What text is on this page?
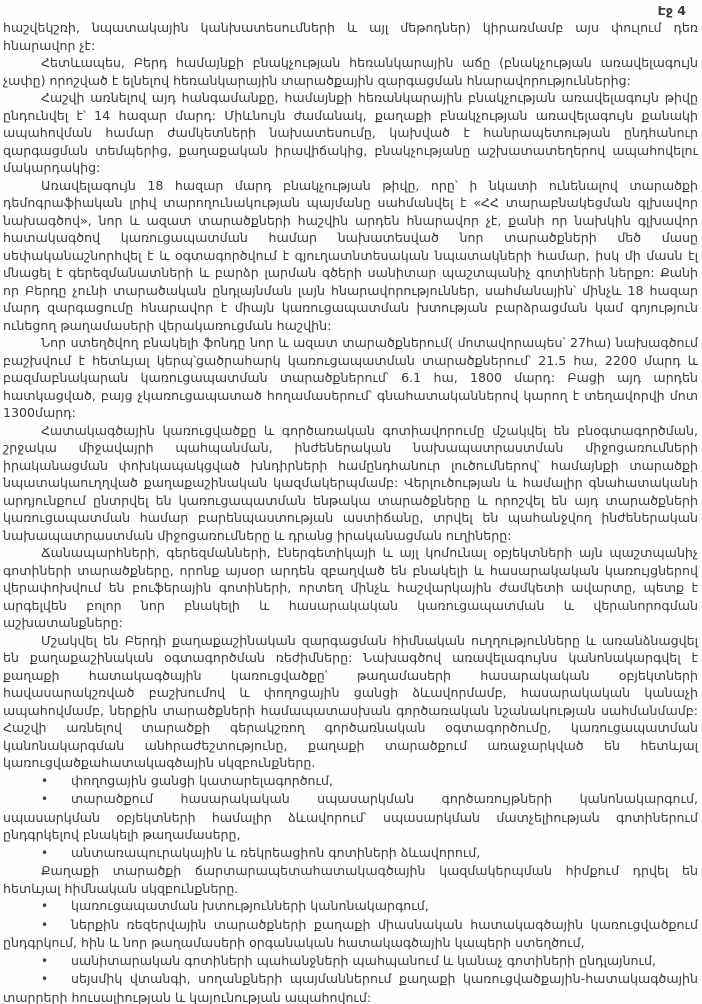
Էջ 4
հաշվեկշռի, նպատակային կանխատեսումների և այլ մեթոդներ) կիրառմամբ այս փուլում դեռ հնարավոր չէ:
Հետևապես, Բերդ համայնքի բնակչության հեռանկարային աճը (բնակչության առավելագույն չափը) որոշված է ելնելով հեռանկարային տարածքային զարգացման հնարավորություններից:
Հաշվի առնելով այդ հանգամանքը, համայնքի հեռանկարային բնակչության առավելագույն թիվը ընդունվել է՝ 14 հազար մարդ: Միևնույն ժամանակ, քաղաքի բնակչության առավելագույն քանակի ապահովման համար ժամկետների նախատեսումը, կախված է հանրապետության ընդհանուր զարգացման տեմպերից, քաղաքական իրավիճակից, բնակչությանը աշխատատեղերով ապահովելու մակարդակից:
Առավելագույն 18 հազար մարդ բնակչության թիվը, որը՝ ի նկատի ունենալով տարածքի դեմոգրաֆիական լրիվ տարողունակության պայմանը սահմանվել է «ՀՀ տարաբնակեցման գլխավոր նախագծով», նոր և ազատ տարածքների հաշվին արդեն հնարավոր չէ, քանի որ նախկին գլխավոր հատակագծով կառուցապատման համար նախատեսված նոր տարածքների մեծ մասը սեփականաշնորհվել է և օգտագործվում է գյուղատնտեսական նպատակների համար, իսկ մի մասն էլ մնացել է գերեզմանատների և բարձր լարման գծերի սանիտար պաշտպանիչ գոտիների ներքո: Քանի որ Բերդը չունի տարածական ընդլայնման լայն հնարավորություններ, սահմանային՝ մինչև 18 հազար մարդ զարգացումը հնարավոր է միայն կառուցապատման խտության բարձրացման կամ գոյություն ունեցող թաղամասերի վերակառուցման հաշվին:
Նոր ստեղծվող բնակելի ֆոնդը նոր և ազատ տարածքներում( մոտավորապես՝ 27հա) նախագծում բաշխվում է հետևյալ կերպ՝ցածրահարկ կառուցապատման տարածքներում՝ 21.5 հա, 2200 մարդ և բազմաբնակարան կառուցապատման տարածքներում՝ 6.1 հա, 1800 մարդ: Բացի այդ արդեն հատկացված, բայց չկառուցապատած հողամասերում՝ գնահատականներով կարող է տեղավորվի մոտ 1300մարդ:
Հատակագծային կառուցվածքը և գործառական գոտիավորումը մշակվել են բնօգտագործման, շրջակա միջավայրի պահպանման, ինժեներական նախապատրաստման միջոցառումների իրականացման փոխկապակցված խնդիրների համընդհանուր լուծումներով՝ համայնքի տարածքի նպատակաուղղված քաղաքաշինական կազմակերպմամբ: Վերլուծության և համալիր գնահատականի արդյունքում ընտրվել են կառուցապատման ենթակա տարածքները և որոշվել են այդ տարածքների կառուցապատման համար բարենպաստության աստիճանը, տրվել են պահանջվող ինժեներական նախապատրաստման միջոցառումները և դրանց իրականացման ուղիները:
Ճանապարհների, գերեզմանների, էներգետիկայի և այլ կոմունալ օբյեկտների այն պաշտպանիչ գոտիների տարածքները, որոնք այսօր արդեն զբաղված են բնակելի և հասարակական կառույցներով վերափոխվում են բուֆերային գոտիների, որտեղ մինչև հաշվարկային ժամկետի ավարտը, պետք է արգելվեն բոլոր նոր բնակելի և հասարակական կառուցապատման և վերանորոգման աշխատանքները:
Մշակվել են Բերդի քաղաքաշինական զարգացման հիմնական ուղղությունները և առանձնացվել են քաղաքաշինական օգտագործման ռեժիմները: Նախագծով առավելագույնս կանոնակարգվել է քաղաքի հատակագծային կառուցվածքը՝ թաղամասերի հասարակական օբյեկտների հավասարակշռված բաշխումով և փողոցային ցանցի ձևավորմամբ, հասարակական կանաչի ապահովմամբ, ներքին տարածքների համապատասխան գործառական նշանակության սահմանմամբ: Հաշվի առնելով տարածքի գերակշռող գործառնական օգտագործումը, կառուցապատման կանոնակարգման անհրաժեշտությունը, քաղաքի տարածքում առաջարկված են հետևյալ կառուցվածքահատակագծային սկզբունքները.
• փողոցային ցանցի կատարելագործում,
• տարածքում հասարակական սպասարկման գործառույթների կանոնակարգում, սպասարկման օբյեկտների համալիր ձևավորում՝ սպասարկման մատչելիության գոտիներում ընդգրկելով բնակելի թաղամասերը,
• անտառապուրակային և ռեկրեացիոն գոտիների ձևավորում,
Քաղաքի տարածքի ճարտարապետահատակագծային կազմակերպման հիմքում դրվել են հետևյալ հիմնական սկզբունքները.
• կառուցապատման խտությունների կանոնակարգում,
• ներքին ռեզերվային տարածքների քաղաքի միասնական հատակագծային կառուցվածքում ընդգրկում, հին և նոր թաղամասերի օրգանական հատակագծային կապերի ստեղծում,
• սանիտարական գոտիների պահանջների պահպանում և կանաչ գոտիների ընդլայնում,
• սեյսմիկ վտանգի, սողանքների պայմաններում քաղաքի կառուցվածքային-հատակագծային տարրերի հուսալիության և կայունության ապահովում:
